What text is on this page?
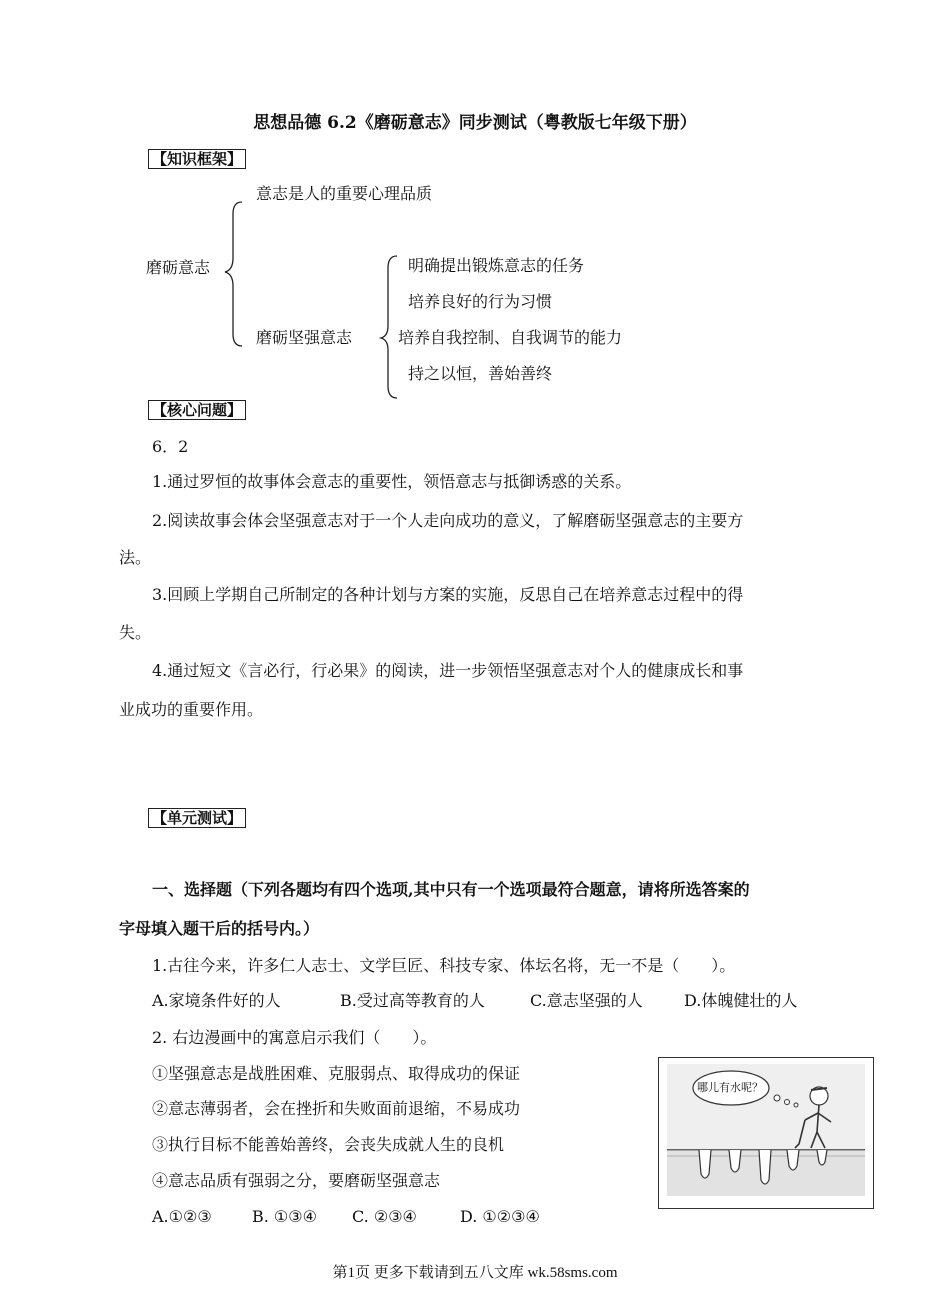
思想品德 6.2《磨砺意志》同步测试（粤教版七年级下册）
【知识框架】
意志是人的重要心理品质
磨砺意志
磨砺坚强意志
明确提出锻炼意志的任务
培养良好的行为习惯
培养自我控制、自我调节的能力
持之以恒，善始善终
【核心问题】
6．2
1.通过罗恒的故事体会意志的重要性，领悟意志与抵御诱惑的关系。
2.阅读故事会体会坚强意志对于一个人走向成功的意义，了解磨砺坚强意志的主要方
法。
3.回顾上学期自己所制定的各种计划与方案的实施，反思自己在培养意志过程中的得
失。
4.通过短文《言必行，行必果》的阅读，进一步领悟坚强意志对个人的健康成长和事
业成功的重要作用。
【单元测试】
一、选择题（下列各题均有四个选项,其中只有一个选项最符合题意，请将所选答案的
字母填入题干后的括号内。）
1.古往今来，许多仁人志士、文学巨匠、科技专家、体坛名将，无一不是（　　）。
A.家境条件好的人	B.受过高等教育的人	C.意志坚强的人	D.体魄健壮的人
2. 右边漫画中的寓意启示我们（　　）。
①坚强意志是战胜困难、克服弱点、取得成功的保证
②意志薄弱者，会在挫折和失败面前退缩，不易成功
③执行目标不能善始善终，会丧失成就人生的良机
④意志品质有强弱之分，要磨砺坚强意志
A.①②③	B. ①③④ C. ②③④	D. ①②③④
哪儿有水呢？
第1页 更多下载请到五八文库 wk.58sms.com
